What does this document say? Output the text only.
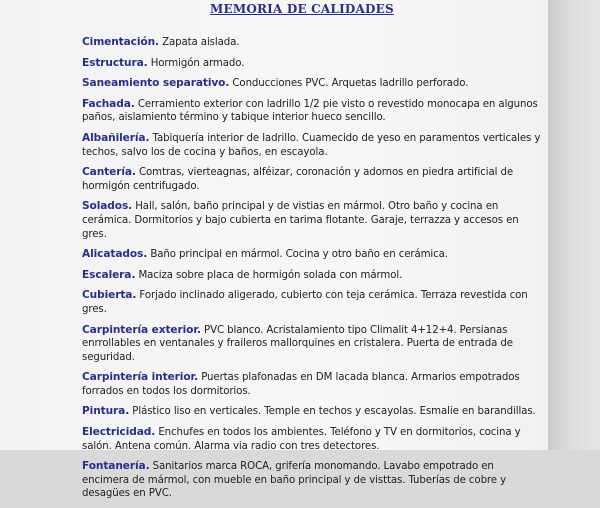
MEMORIA DE CALIDADES
Cimentación. Zapata aislada.
Estructura. Hormigón armado.
Saneamiento separativo. Conducciones PVC. Arquetas ladrillo perforado.
Fachada. Cerramiento exterior con ladrillo 1/2 pie visto o revestido monocapa en algunos paños, aislamiento término y tabique interior hueco sencillo.
Albañilería. Tabiquería interior de ladrillo. Cuamecido de yeso en paramentos verticales y techos, salvo los de cocina y baños, en escayola.
Cantería. Comtras, vierteagnas, alféizar, coronación y adornos en piedra artificial de hormigón centrifugado.
Solados. Hall, salón, baño principal y de vistias en mármol. Otro baño y cocina en cerámica. Dormitorios y bajo cubierta en tarima flotante. Garaje, terrazza y accesos en gres.
Alicatados. Baño principal en mármol. Cocina y otro baño en cerámica.
Escalera. Maciza sobre placa de hormigón solada con mármol.
Cubierta. Forjado inclinado aligerado, cubierto con teja cerámica. Terraza revestida con gres.
Carpintería exterior. PVC blanco. Acristalamiento tipo Climalit 4+12+4. Persianas enrrollables en ventanales y fraileros mallorquines en cristalera. Puerta de entrada de seguridad.
Carpintería interior. Puertas plafonadas en DM lacada blanca. Armarios empotrados forrados en todos los dormitorios.
Pintura. Plástico liso en verticales. Temple en techos y escayolas. Esmalie en barandillas.
Electricidad. Enchufes en todos los ambientes. Teléfono y TV en dormitorios, cocina y salón. Antena común. Alarma via radio con tres detectores.
Fontanería. Sanitarios marca ROCA, grifería monomando. Lavabo empotrado en encimera de mármol, con mueble en baño principal y de visttas. Tuberías de cobre y desagües en PVC.
